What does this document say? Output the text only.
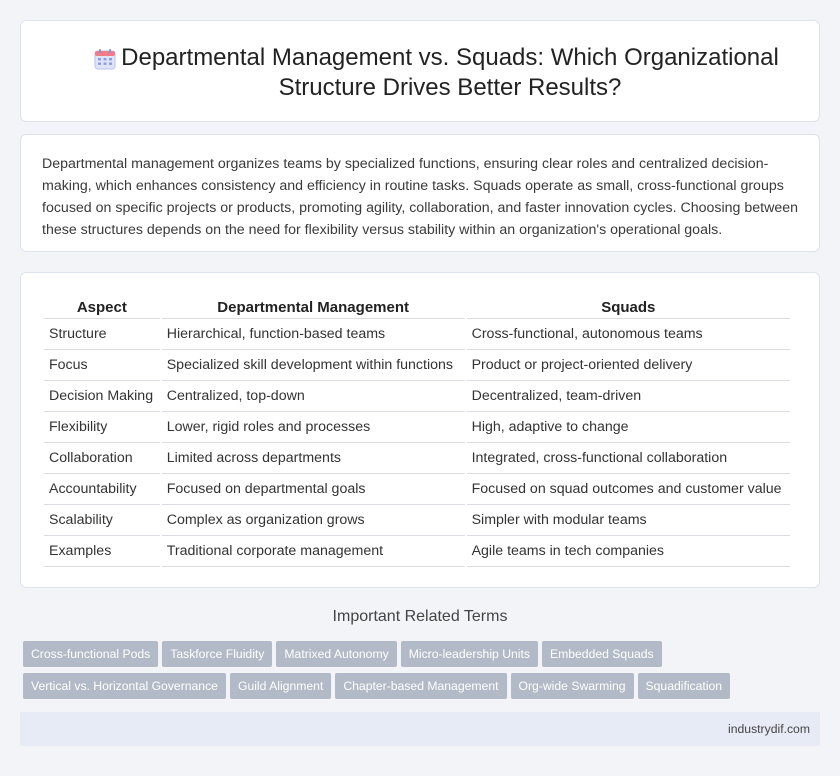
Departmental Management vs. Squads: Which Organizational Structure Drives Better Results?

Departmental management organizes teams by specialized functions, ensuring clear roles and centralized decision-making, which enhances consistency and efficiency in routine tasks. Squads operate as small, cross-functional groups focused on specific projects or products, promoting agility, collaboration, and faster innovation cycles. Choosing between these structures depends on the need for flexibility versus stability within an organization's operational goals.

Aspect	Departmental Management	Squads
Structure	Hierarchical, function-based teams	Cross-functional, autonomous teams
Focus	Specialized skill development within functions	Product or project-oriented delivery
Decision Making	Centralized, top-down	Decentralized, team-driven
Flexibility	Lower, rigid roles and processes	High, adaptive to change
Collaboration	Limited across departments	Integrated, cross-functional collaboration
Accountability	Focused on departmental goals	Focused on squad outcomes and customer value
Scalability	Complex as organization grows	Simpler with modular teams
Examples	Traditional corporate management	Agile teams in tech companies
Important Related Terms
Cross-functional Pods Taskforce Fluidity Matrixed Autonomy Micro-leadership Units Embedded Squads
Vertical vs. Horizontal Governance Guild Alignment Chapter-based Management Org-wide Swarming Squadification
industrydif.com
